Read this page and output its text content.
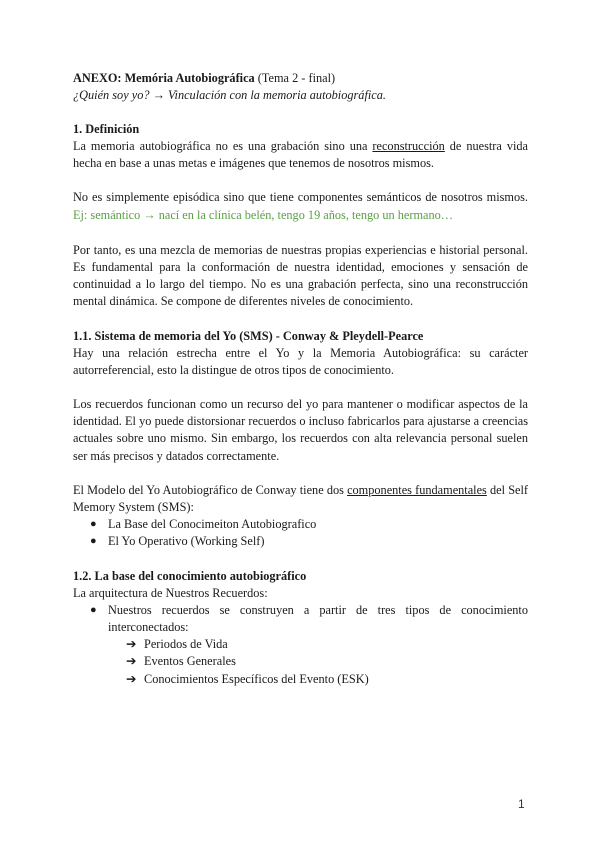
ANEXO: Memória Autobiográfica (Tema 2 - final)
¿Quién soy yo? → Vinculación con la memoria autobiográfica.
1. Definición

La memoria autobiográfica no es una grabación sino una reconstrucción de nuestra vida hecha en base a unas metas e imágenes que tenemos de nosotros mismos.

No es simplemente episódica sino que tiene componentes semánticos de nosotros mismos. Ej: semántico → nací en la clínica belén, tengo 19 años, tengo un hermano…

Por tanto, es una mezcla de memorias de nuestras propias experiencias e historial personal. Es fundamental para la conformación de nuestra identidad, emociones y sensación de continuidad a lo largo del tiempo. No es una grabación perfecta, sino una reconstrucción mental dinámica. Se compone de diferentes niveles de conocimiento.

1.1. Sistema de memoria del Yo (SMS) - Conway & Pleydell-Pearce

Hay una relación estrecha entre el Yo y la Memoria Autobiográfica: su carácter autorreferencial, esto la distingue de otros tipos de conocimiento.

Los recuerdos funcionan como un recurso del yo para mantener o modificar aspectos de la identidad. El yo puede distorsionar recuerdos o incluso fabricarlos para ajustarse a creencias actuales sobre uno mismo. Sin embargo, los recuerdos con alta relevancia personal suelen ser más precisos y datados correctamente.

El Modelo del Yo Autobiográfico de Conway tiene dos componentes fundamentales del Self Memory System (SMS):

● La Base del Conocimeiton Autobiografico
● El Yo Operativo (Working Self)
1.2. La base del conocimiento autobiográfico

La arquitectura de Nuestros Recuerdos:

● Nuestros recuerdos se construyen a partir de tres tipos de conocimiento interconectados:
➔ Periodos de Vida
➔ Eventos Generales
➔ Conocimientos Específicos del Evento (ESK)
1
